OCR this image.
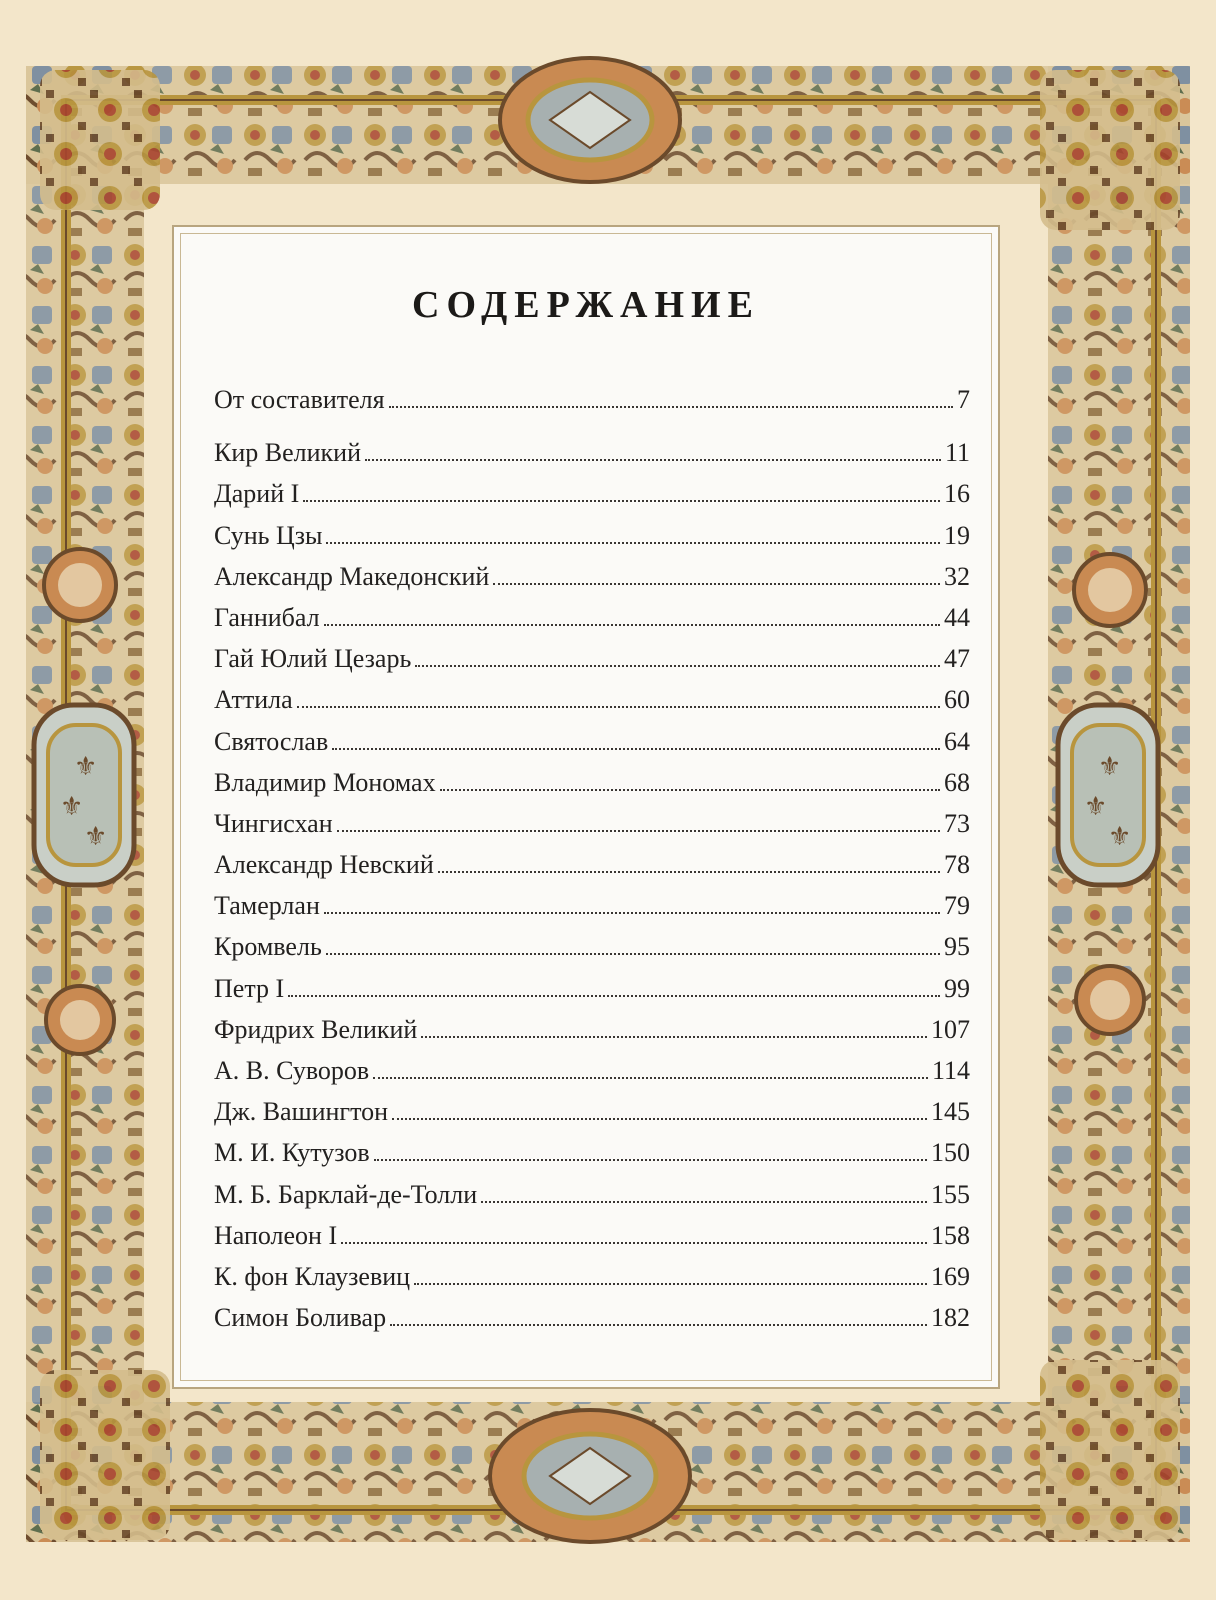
⚜
⚜
⚜
⚜
⚜
⚜
СОДЕРЖАНИЕ
От составителя	7
Кир Великий	11
Дарий I	16
Сунь Цзы	19
Александр Македонский	32
Ганнибал	44
Гай Юлий Цезарь	47
Аттила	60
Святослав	64
Владимир Мономах	68
Чингисхан	73
Александр Невский	78
Тамерлан	79
Кромвель	95
Петр I	99
Фридрих Великий	107
А. В. Суворов	114
Дж. Вашингтон	145
М. И. Кутузов	150
М. Б. Барклай-де-Толли	155
Наполеон I	158
К. фон Клаузевиц	169
Симон Боливар	182
